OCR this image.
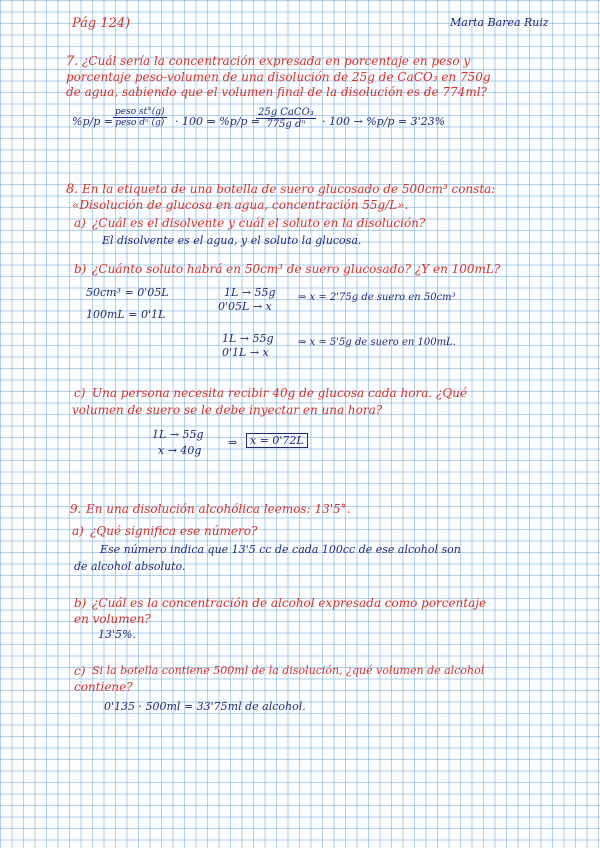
Pág 124)	Marta Barea Ruiz
7. ¿Cuál sería la concentración expresada en porcentaje en peso y
porcentaje peso-volumen de una disolución de 25g de CaCO₃ en 750g
de agua, sabiendo que el volumen final de la disolución es de 774ml?
%p/p =
peso st°(g)
peso dⁿ (g) · 100 ⇒ %p/p =
25g CaCO₃
775g dⁿ	· 100 → %p/p = 3'23%
8. En la etiqueta de una botella de suero glucosado de 500cm³ consta:
«Disolución de glucosa en agua, concentración 55g/L».
a) ¿Cuál es el disolvente y cuál el soluto en la disolución?
El disolvente es el agua, y el soluto la glucosa.
b) ¿Cuánto soluto habrá en 50cm³ de suero glucosado? ¿Y en 100mL?
50cm³ = 0'05L
100mL = 0'1L
1L → 55g
0'05L → x
⇒ x = 2'75g de suero en 50cm³
1L → 55g
0'1L → x
⇒ x = 5'5g de suero en 100mL.
c) Una persona necesita recibir 40g de glucosa cada hora. ¿Qué
volumen de suero se le debe inyectar en una hora?
1L → 55g
x → 40g
⇒	x = 0'72L
9. En una disolución alcohólica leemos: 13'5°.
a) ¿Qué significa ese número?
Ese número indica que 13'5 cc de cada 100cc de ese alcohol son
de alcohol absoluto.
b) ¿Cuál es la concentración de alcohol expresada como porcentaje
en volumen?
13'5%.
c) Si la botella contiene 500ml de la disolución, ¿qué volumen de alcohol
contiene?
0'135 · 500ml = 33'75ml de alcohol.
